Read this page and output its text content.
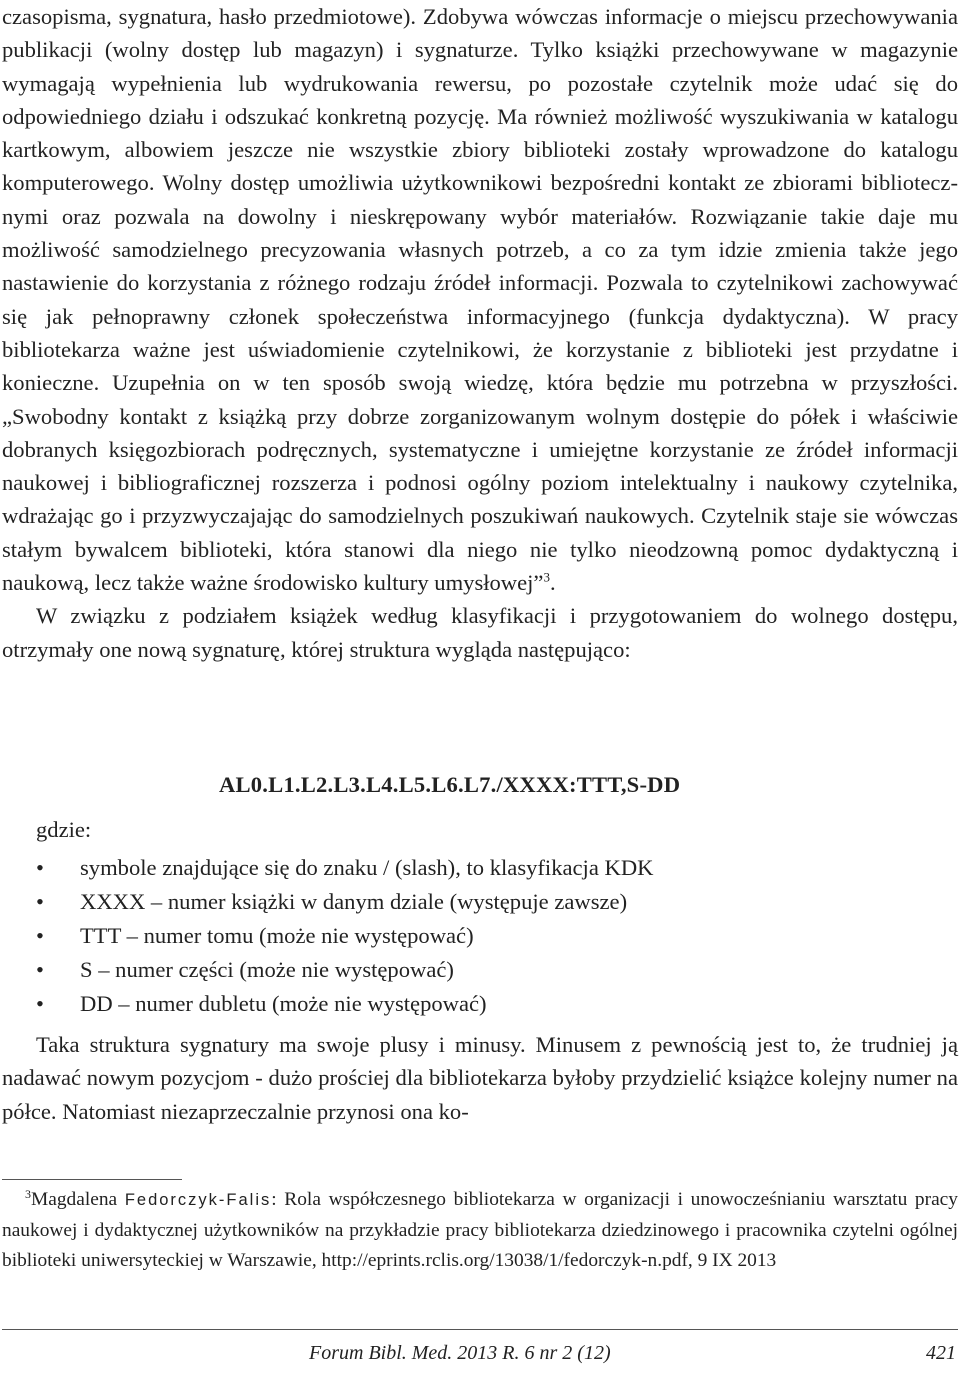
czasopisma, sygnatura, hasło przedmiotowe). Zdobywa wówczas informacje o miejscu przechowywania publikacji (wolny dostęp lub magazyn) i sygnaturze. Tylko książki przechowywane w magazynie wymagają wypełnienia lub wydrukowania rewersu, po pozostałe czytelnik może udać się do odpowiedniego działu i odszukać konkretną pozycję. Ma również możliwość wyszukiwania w katalogu kartkowym, albowiem jeszcze nie wszystkie zbiory biblioteki zostały wprowadzone do katalogu komputerowego. Wolny dostęp umożliwia użytkownikowi bezpośredni kontakt ze zbiorami bibliotecznymi oraz pozwala na dowolny i nieskrępowany wybór materiałów. Rozwiązanie takie daje mu możliwość samodzielnego precyzowania własnych potrzeb, a co za tym idzie zmienia także jego nastawienie do korzystania z różnego rodzaju źródeł informacji. Pozwala to czytelnikowi zachowywać się jak pełnoprawny członek społeczeństwa informacyjnego (funkcja dydaktyczna). W pracy bibliotekarza ważne jest uświadomienie czytelnikowi, że korzystanie z biblioteki jest przydatne i konieczne. Uzupełnia on w ten sposób swoją wiedzę, która będzie mu potrzebna w przyszłości. „Swobodny kontakt z książką przy dobrze zorganizowanym wolnym dostępie do półek i właściwie dobranych księgozbiorach podręcznych, systematyczne i umiejętne korzystanie ze źródeł informacji naukowej i bibliograficznej rozszerza i podnosi ogólny poziom intelektualny i naukowy czytelnika, wdrażając go i przyzwyczajając do samodzielnych poszukiwań naukowych. Czytelnik staje sie wówczas stałym bywalcem biblioteki, która stanowi dla niego nie tylko nieodzowną pomoc dydaktyczną i naukową, lecz także ważne środowisko kultury umysłowej”$^3$.

W związku z podziałem książek według klasyfikacji i przygotowaniem do wolnego dostępu, otrzymały one nową sygnaturę, której struktura wygląda następująco:

AL0.L1.L2.L3.L4.L5.L6.L7./XXXX:TTT,S-DD

gdzie:

• symbole znajdujące się do znaku / (slash), to klasyfikacja KDK
• XXXX – numer książki w danym dziale (występuje zawsze)
• TTT – numer tomu (może nie występować)
• S – numer części (może nie występować)
• DD – numer dubletu (może nie występować)

Taka struktura sygnatury ma swoje plusy i minusy. Minusem z pewnością jest to, że trudniej ją nadawać nowym pozycjom - dużo prościej dla bibliotekarza byłoby przydzielić książce kolejny numer na półce. Natomiast niezaprzeczalnie przynosi ona ko-

$^3$Magdalena Fedorczyk-Falis: Rola współczesnego bibliotekarza w organizacji i unowocześnianiu warsztatu pracy naukowej i dydaktycznej użytkowników na przykładzie pracy bibliotekarza dziedzinowego i pracownika czytelni ogólnej biblioteki uniwersyteckiej w Warszawie, http://eprints.rclis.org/13038/1/fedorczyk-n.pdf, 9 IX 2013

Forum Bibl. Med. 2013 R. 6 nr 2 (12)	421
